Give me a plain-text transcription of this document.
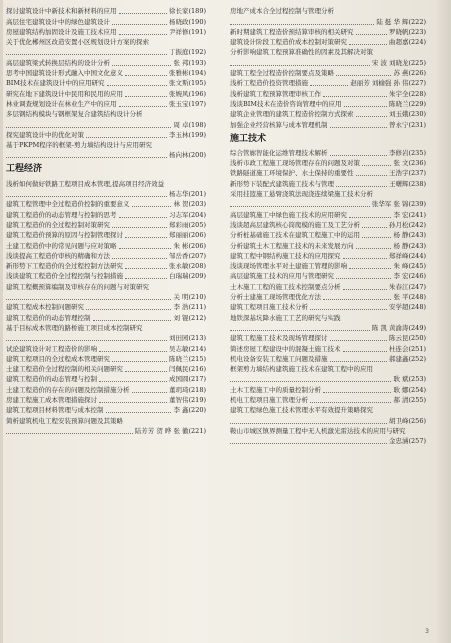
探讨建筑设计中新技术和新材料的应用	徐长家(189)
高层住宅建筑设计中的绿色建筑设计	杨晓政(190)
房屋建筑结构加固设计及施工技术应用	尹祥修(191)
关于优化郴州区改造安置小区规划设计方案的探索
丁振庭(192)
高层建筑梁式转换层结构的设计分析	张 邦(193)
思考中国建筑设计形式融入中国文化意义	张雅彬(194)
BIM技术在建筑设计中的应用研究	张文斯(195)
研究在地下建筑设计中民用和民用的应用	张婉风(196)
林业调查规划设计在林业生产中的应用	张玉宝(197)
多层钢结构模块与钢框架复合建筑结构设计分析
周 卓(198)
探究建筑设计中的优化对策	李玉林(199)
基于PKPM程序的框架-剪力墙结构设计与应用研究
杨向林(200)
工程经济
浅析如何做好铁路工程项目成本管理,提高项目经济效益
杨志华(201)
建筑工程管理中全过程造价控制的重要意义	林 贺(203)
建筑工程造价的动态管理与控制的思考	习志军(204)
建筑工程造价的全过程控制对策研究	郑彩雨(205)
建筑工程造价预算的原因与控制管理探讨	郑丽丽(206)
土建工程造价中的常见问题与应对策略	朱 彬(206)
浅谈提高工程造价审核的精确和方法	邹岳香(207)
新形势下工程造价的全过程控制方法研究	张永敏(208)
浅谈建筑工程造价全过程控制与控制措施	白瑞瑞(209)
建筑工程概预算编制及审核存在的问题与对策研究
关 明(210)
建筑工程成本控制问题研究	李 浩(211)
建筑工程造价的动态管理控制	刘 锟(212)
基于目标成本管理的路桥施工项目成本控制研究
刘田园(213)
试论建筑设计对工程造价的影响	吴志敏(214)
建筑工程项目的全过程成本管理研究	陈晓兰(215)
土建工程造价全过程控制的相关问题研究	闫佩民(216)
建筑工程造价的动态管理与控制	成国圆(217)
土建工程造价的存在的问题及控制措施分析	董玥琦(218)
房建工程施工成本管理措施探讨	董智伟(219)
建筑工程项目材料管理与成本控制	李 鑫(220)
简析建筑机电工程安装预算问题及其策略
陆芳芳 贺 晔 张 徽(221)
房地产成本合全过程控制与管理分析
陆 挺 华 辉(222)
新时期建筑工程造价预结算审核的相关研究	罗晓帆(223)
建筑设计阶段工程造价成本控制对策研究	曲超嘉(224)
分析影响建筑工程预算准确性的因素及其解决对策
宋 波 刘晓龙(225)
建筑工程全过程造价控制要点及策略	苏 燕(226)
浅析工程造价投资管理措施	赵丽芳 刘榆强 孙 伟(227)
浅析建筑工程预算管理审核工作	朱宇全(228)
浅谈BIM技术在造价咨询管理中的应用	陈晓兰(229)
建筑企业管理的建筑工程造价控制方式探索	刘玉娥(230)
加强企业经营核算与成本管理机制	曾永宁(231)
施工技术
综合管廊智能化运维管理技术解析	李修岩(235)
浅析市政工程施工现场管理存在的问题及对策	张 文(236)
铁路隧道施工环境保护、水土保持的重要性	王浩宇(237)
新形势下装配式建筑施工技术与管理	王曙辉(238)
采用挂篮施工悬臂浇筑法现浇连续梁施工技术分析
张华军 张 锦(239)
高层建筑施工中绿色施工技术的应用研究	李 宏(241)
浅谈超高层建筑核心筒爬模的施工及工艺分析	孙月松(242)
分析桩基础施工技术在建筑工程施工中的运用	杨 静(243)
分析建筑土木工程施工技术的未来发展方向	杨 静(243)
建筑工程中钢结构施工技术的应用探究	郑祥峰(244)
浅谈现场管理水平对土建施工管理的影响	朱 峰(245)
高层建筑施工技术的应用与管理研究	李 宏(246)
土木施工工程的施工技术控制要点分析	朱春江(247)
分析土建施工现场管理优化方法	张 平(248)
建筑工程项目施工技术分析	安学超(248)
地铁深基坑降水施工工艺的研究与实践
陈 凯 黄渝涛(249)
建筑工程施工技术及现场管理探讨	陈云昆(250)
简述房屋工程建设中的混凝土施工技术	杜连会(251)
机电设备安装工程施工问题及措施	郝建鑫(252)
框架剪力墙结构建筑施工技术在建筑工程中的应用
耿 斌(253)
土木工程施工中的质量控制分析	耿 娜(254)
机电工程项目施工管理分析	郝 清(255)
建筑工程绿色施工技术管理水平有效提升策略探究
胡卫峰(256)
鞍山市城区镇界测量工程中无人机激光雷达技术的应用与研究
金忠涵(257)
3
